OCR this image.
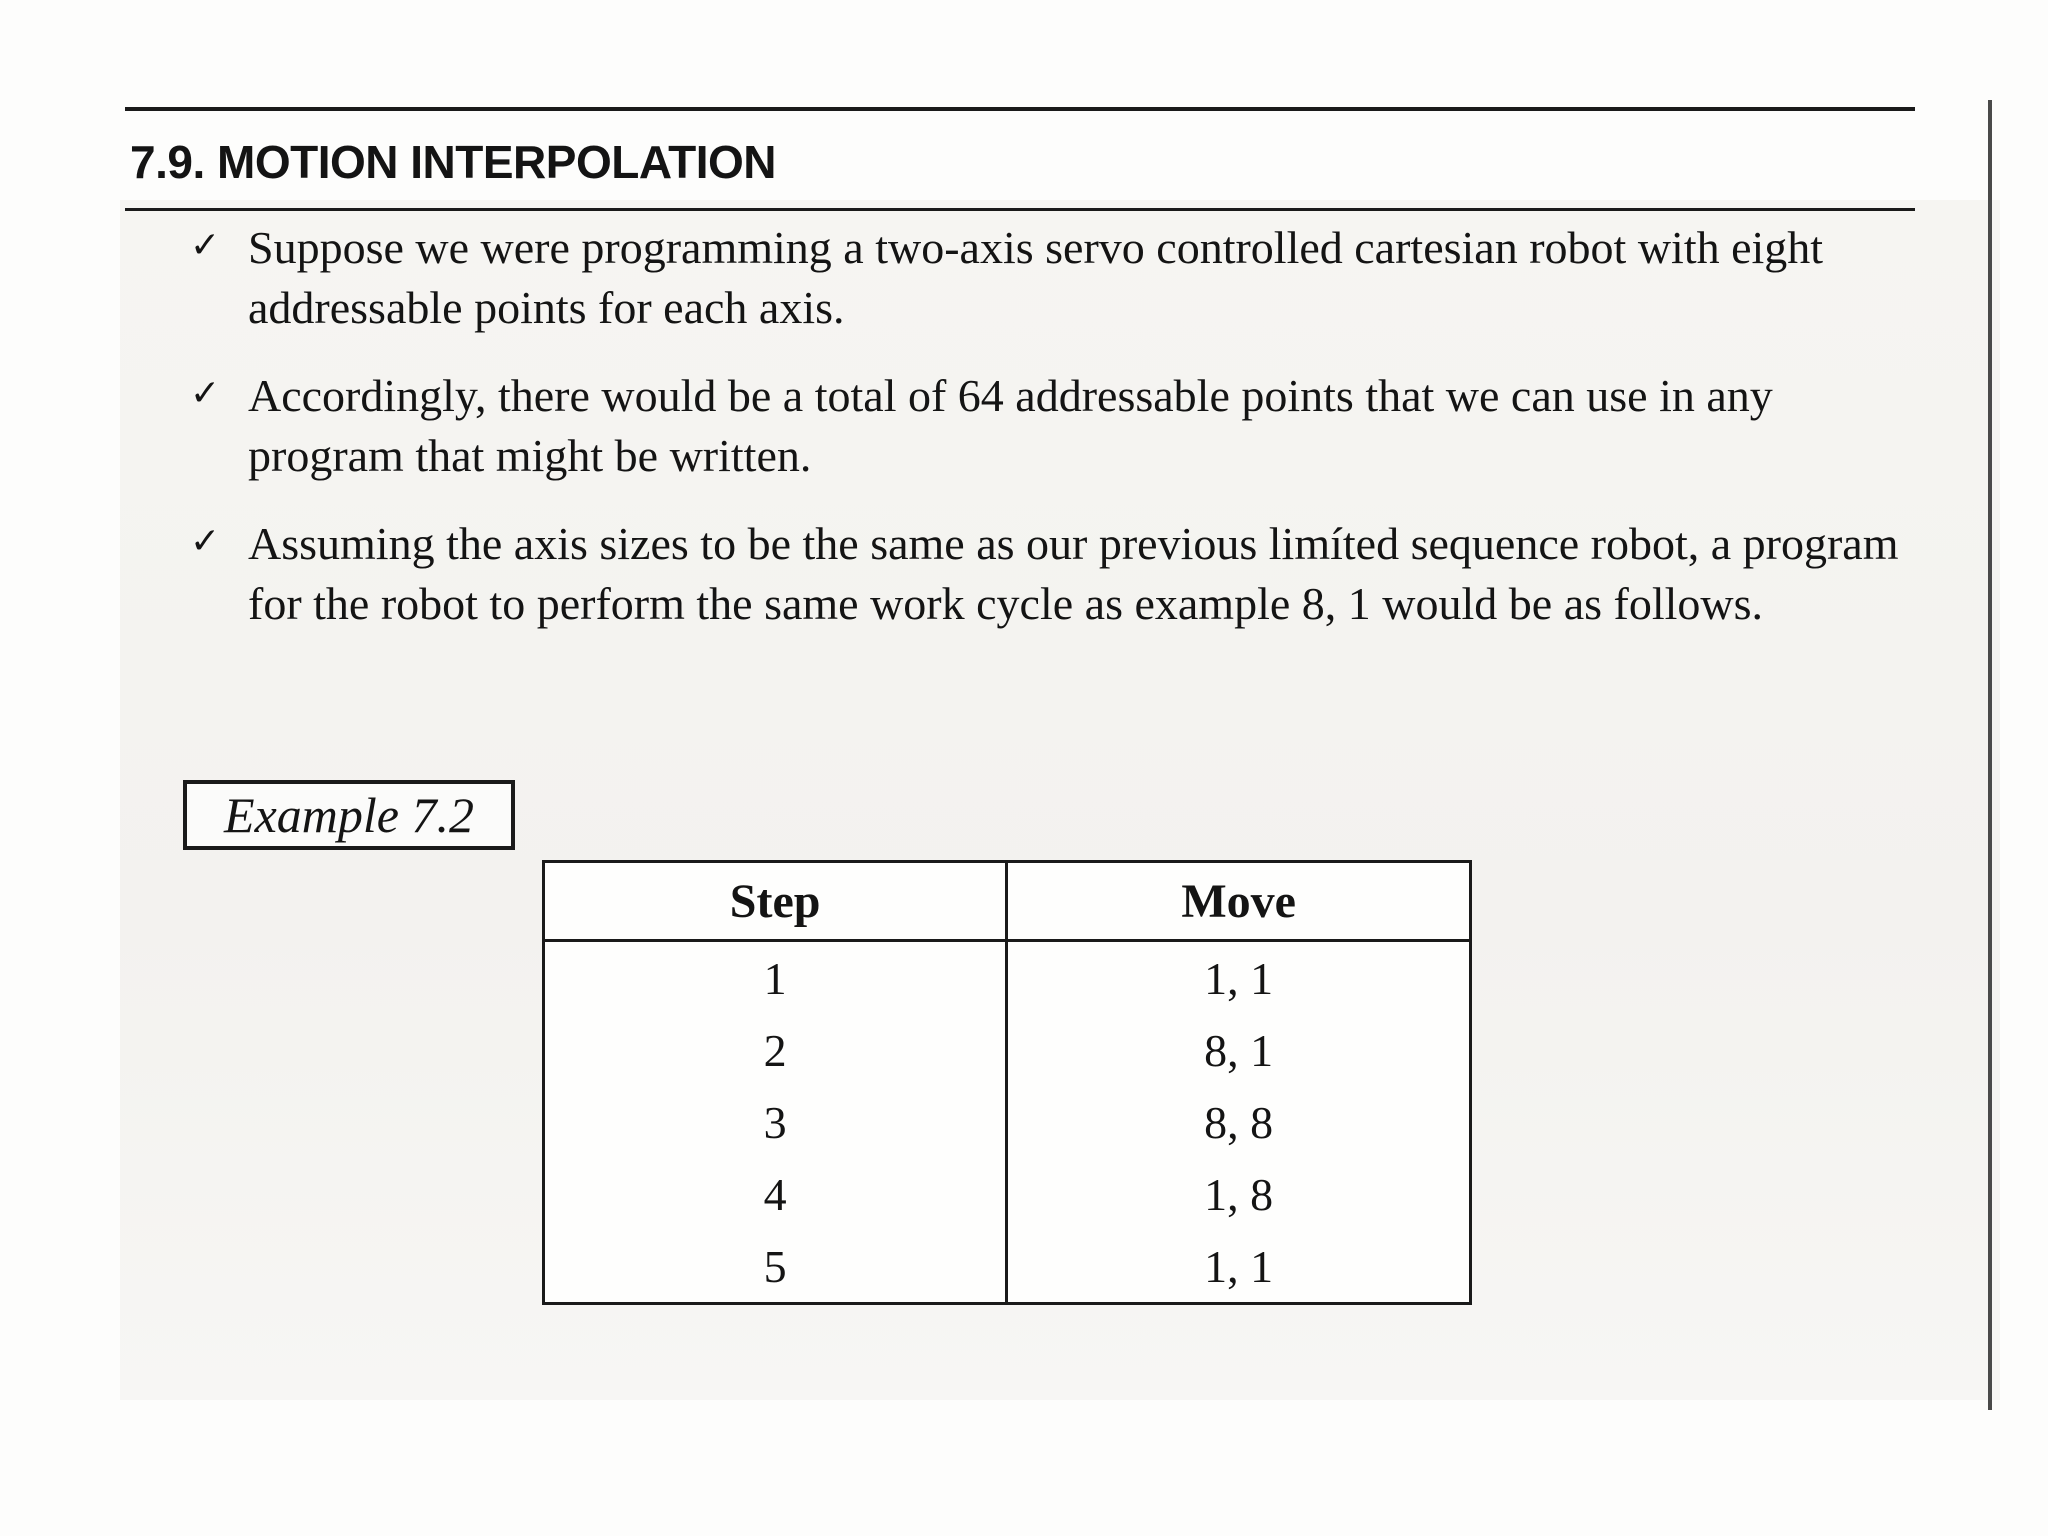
7.9. MOTION INTERPOLATION
✓ Suppose we were programming a two-axis servo controlled cartesian robot with eight addressable points for each axis.
✓ Accordingly, there would be a total of 64 addressable points that we can use in any program that might be written.
✓ Assuming the axis sizes to be the same as our previous limíted sequence robot, a program for the robot to perform the same work cycle as example 8, 1 would be as follows.
Example 7.2
Step	Move
1	1, 1
2	8, 1
3	8, 8
4	1, 8
5	1, 1
